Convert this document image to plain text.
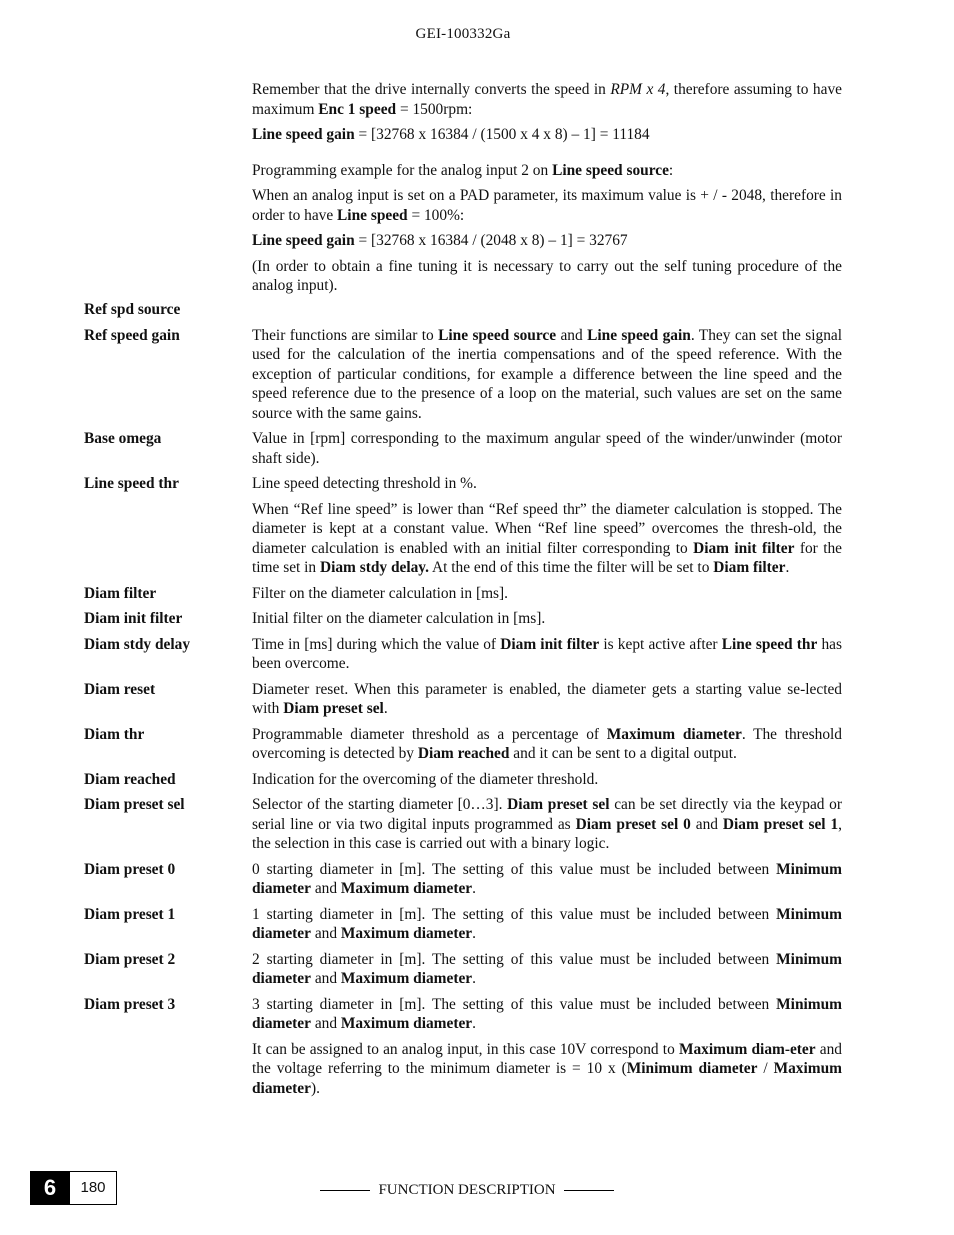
GEI-100332Ga

Remember that the drive internally converts the speed in RPM x 4, therefore assuming to have maximum Enc 1 speed = 1500rpm:

Line speed gain = [32768 x 16384 / (1500 x 4 x 8) – 1] = 11184

Programming example for the analog input 2 on Line speed source:

When an analog input is set on a PAD parameter, its maximum value is + / - 2048, therefore in order to have Line speed = 100%:

Line speed gain = [32768 x 16384 / (2048 x 8) – 1] = 32767

(In order to obtain a fine tuning it is necessary to carry out the self tuning procedure of the analog input).

Ref spd source
Ref speed gain	Their functions are similar to Line speed source and Line speed gain. They can set the signal used for the calculation of the inertia compensations and of the speed reference. With the exception of particular conditions, for example a difference between the line speed and the speed reference due to the presence of a loop on the material, such values are set on the same source with the same gains.

Base omega	Value in [rpm] corresponding to the maximum angular speed of the winder/unwinder (motor shaft side).

Line speed thr	Line speed detecting threshold in %.

When “Ref line speed” is lower than “Ref speed thr” the diameter calculation is stopped. The diameter is kept at a constant value. When “Ref line speed” overcomes the thresh-old, the diameter calculation is enabled with an initial filter corresponding to Diam init filter for the time set in Diam stdy delay. At the end of this time the filter will be set to Diam filter.

Diam filter	Filter on the diameter calculation in [ms].

Diam init filter	Initial filter on the diameter calculation in [ms].

Diam stdy delay	Time in [ms] during which the value of Diam init filter is kept active after Line speed thr has been overcome.

Diam reset	Diameter reset. When this parameter is enabled, the diameter gets a starting value se-lected with Diam preset sel.

Diam thr	Programmable diameter threshold as a percentage of Maximum diameter. The threshold overcoming is detected by Diam reached and it can be sent to a digital output.

Diam reached	Indication for the overcoming of the diameter threshold.

Diam preset sel	Selector of the starting diameter [0…3]. Diam preset sel can be set directly via the keypad or serial line or via two digital inputs programmed as Diam preset sel 0 and Diam preset sel 1, the selection in this case is carried out with a binary logic.

Diam preset 0	0 starting diameter in [m]. The setting of this value must be included between Minimum diameter and Maximum diameter.

Diam preset 1	1 starting diameter in [m]. The setting of this value must be included between Minimum diameter and Maximum diameter.

Diam preset 2	2 starting diameter in [m]. The setting of this value must be included between Minimum diameter and Maximum diameter.

Diam preset 3	3 starting diameter in [m]. The setting of this value must be included between Minimum diameter and Maximum diameter.

It can be assigned to an analog input, in this case 10V correspond to Maximum diam-eter and the voltage referring to the minimum diameter is = 10 x (Minimum diameter / Maximum diameter).

6	180	FUNCTION DESCRIPTION
